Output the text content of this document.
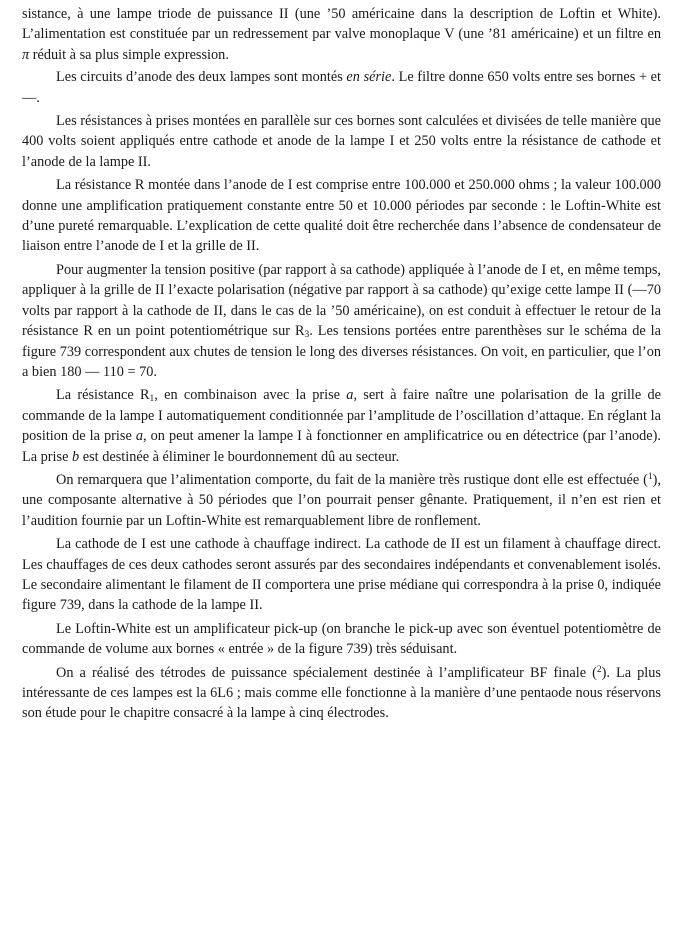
sistance, à une lampe triode de puissance II (une ’50 américaine dans la description de Loftin et White). L’alimentation est constituée par un redressement par valve monoplaque V (une ’81 américaine) et un filtre en π réduit à sa plus simple expression.

Les circuits d’anode des deux lampes sont montés en série. Le filtre donne 650 volts entre ses bornes + et —.

Les résistances à prises montées en parallèle sur ces bornes sont calculées et divisées de telle manière que 400 volts soient appliqués entre cathode et anode de la lampe I et 250 volts entre la résistance de cathode et l’anode de la lampe II.

La résistance R montée dans l’anode de I est comprise entre 100.000 et 250.000 ohms ; la valeur 100.000 donne une amplification pratiquement constante entre 50 et 10.000 périodes par seconde : le Loftin-White est d’une pureté remarquable. L’explication de cette qualité doit être recherchée dans l’absence de condensateur de liaison entre l’anode de I et la grille de II.

Pour augmenter la tension positive (par rapport à sa cathode) appliquée à l’anode de I et, en même temps, appliquer à la grille de II l’exacte polarisation (négative par rapport à sa cathode) qu’exige cette lampe II (—70 volts par rapport à la cathode de II, dans le cas de la ’50 américaine), on est conduit à effectuer le retour de la résistance R en un point potentiométrique sur $R_3$. Les tensions portées entre parenthèses sur le schéma de la figure 739 correspondent aux chutes de tension le long des diverses résistances. On voit, en particulier, que l’on a bien 180 — 110 = 70.

La résistance $R_1$, en combinaison avec la prise a, sert à faire naître une polarisation de la grille de commande de la lampe I automatiquement conditionnée par l’amplitude de l’oscillation d’attaque. En réglant la position de la prise a, on peut amener la lampe I à fonctionner en amplificatrice ou en détectrice (par l’anode). La prise b est destinée à éliminer le bourdonnement dû au secteur.

On remarquera que l’alimentation comporte, du fait de la manière très rustique dont elle est effectuée ($^1$), une composante alternative à 50 périodes que l’on pourrait penser gênante. Pratiquement, il n’en est rien et l’audition fournie par un Loftin-White est remarquablement libre de ronflement.

La cathode de I est une cathode à chauffage indirect. La cathode de II est un filament à chauffage direct. Les chauffages de ces deux cathodes seront assurés par des secondaires indépendants et convenablement isolés. Le secondaire alimentant le filament de II comportera une prise médiane qui correspondra à la prise 0, indiquée figure 739, dans la cathode de la lampe II.

Le Loftin-White est un amplificateur pick-up (on branche le pick-up avec son éventuel potentiomètre de commande de volume aux bornes « entrée » de la figure 739) très séduisant.

On a réalisé des tétrodes de puissance spécialement destinée à l’amplificateur BF finale ($^2$). La plus intéressante de ces lampes est la 6L6 ; mais comme elle fonctionne à la manière d’une pentaode nous réservons son étude pour le chapitre consacré à la lampe à cinq électrodes.
